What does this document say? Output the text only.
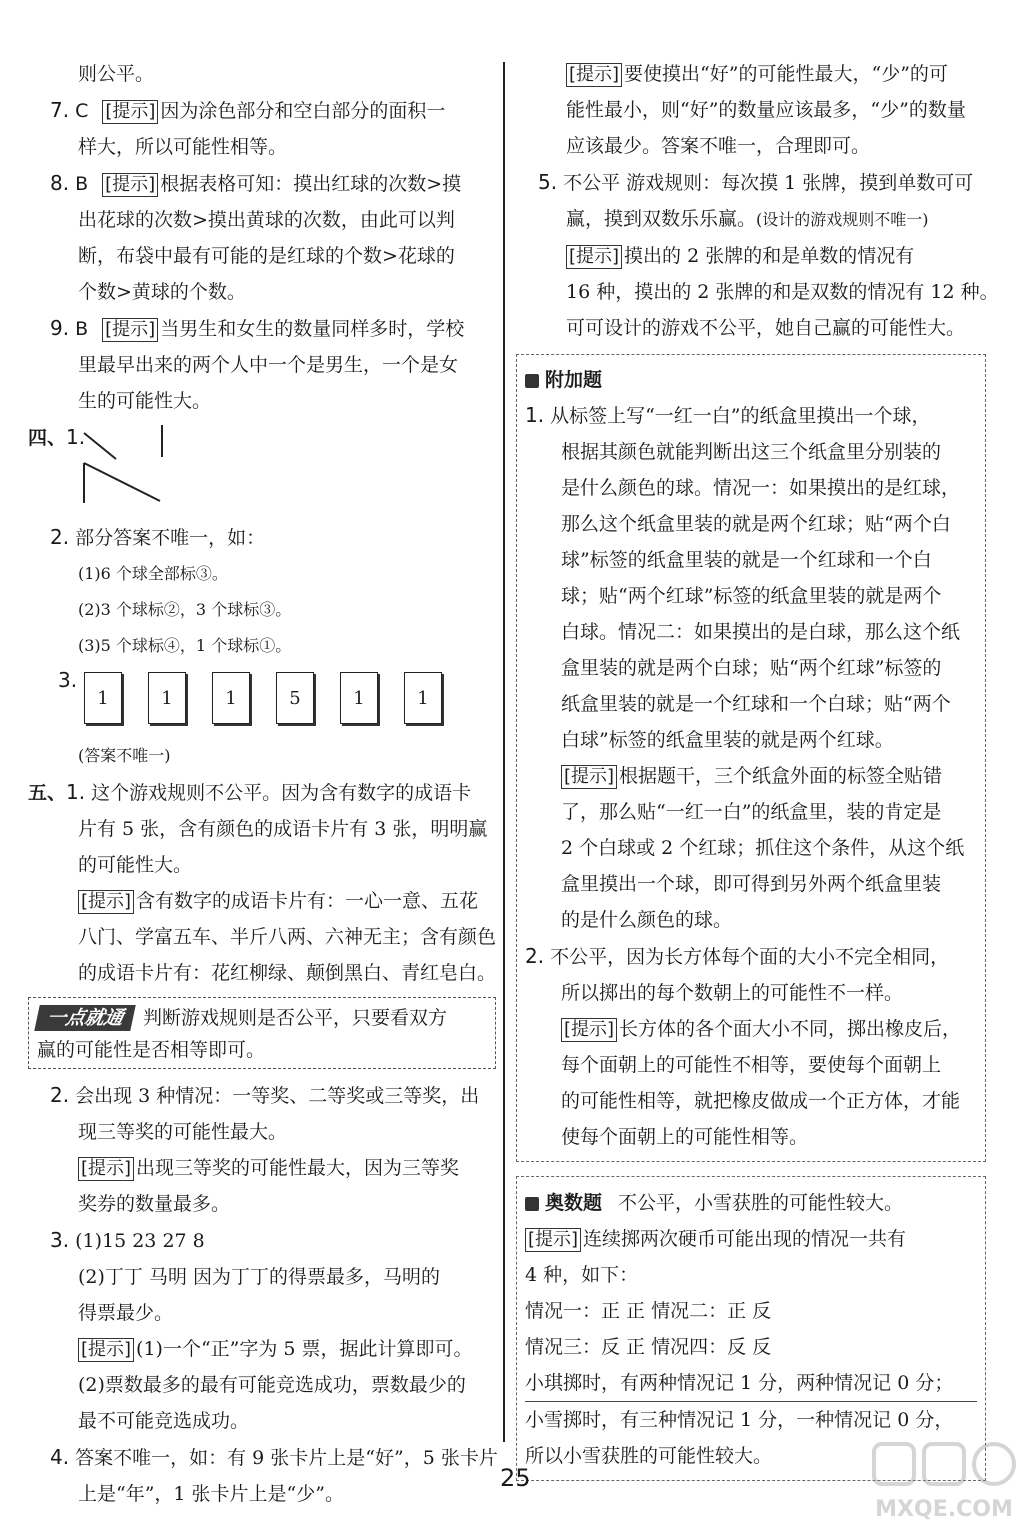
则公平。
7. C [提示] 因为涂色部分和空白部分的面积一
样大，所以可能性相等。
8. B [提示] 根据表格可知：摸出红球的次数>摸
出花球的次数>摸出黄球的次数，由此可以判
断，布袋中最有可能的是红球的个数>花球的
个数>黄球的个数。
9. B [提示] 当男生和女生的数量同样多时，学校
里最早出来的两个人中一个是男生，一个是女
生的可能性大。
四、1.
2. 部分答案不唯一，如：
(1)6 个球全部标③。
(2)3 个球标②，3 个球标③。
(3)5 个球标④，1 个球标①。
3.
1	1	1	5	1	1
(答案不唯一)
五、1. 这个游戏规则不公平。因为含有数字的成语卡
片有 5 张，含有颜色的成语卡片有 3 张，明明赢
的可能性大。
[提示] 含有数字的成语卡片有：一心一意、五花
八门、学富五车、半斤八两、六神无主；含有颜色
的成语卡片有：花红柳绿、颠倒黑白、青红皂白。
一点就通 判断游戏规则是否公平，只要看双方
赢的可能性是否相等即可。
2. 会出现 3 种情况：一等奖、二等奖或三等奖，出
现三等奖的可能性最大。
[提示] 出现三等奖的可能性最大，因为三等奖
奖券的数量最多。
3. (1)15 23 27 8
(2)丁丁 马明 因为丁丁的得票最多，马明的
得票最少。
[提示] (1)一个“正”字为 5 票，据此计算即可。
(2)票数最多的最有可能竞选成功，票数最少的
最不可能竞选成功。
4. 答案不唯一，如：有 9 张卡片上是“好”，5 张卡片
上是“年”，1 张卡片上是“少”。
[提示] 要使摸出“好”的可能性最大，“少”的可
能性最小，则“好”的数量应该最多，“少”的数量
应该最少。答案不唯一，合理即可。
5. 不公平 游戏规则：每次摸 1 张牌，摸到单数可可
赢，摸到双数乐乐赢。(设计的游戏规则不唯一)
[提示] 摸出的 2 张牌的和是单数的情况有
16 种，摸出的 2 张牌的和是双数的情况有 12 种。
可可设计的游戏不公平，她自己赢的可能性大。
附加题
1. 从标签上写“一红一白”的纸盒里摸出一个球，
根据其颜色就能判断出这三个纸盒里分别装的
是什么颜色的球。情况一：如果摸出的是红球，
那么这个纸盒里装的就是两个红球；贴“两个白
球”标签的纸盒里装的就是一个红球和一个白
球；贴“两个红球”标签的纸盒里装的就是两个
白球。情况二：如果摸出的是白球，那么这个纸
盒里装的就是两个白球；贴“两个红球”标签的
纸盒里装的就是一个红球和一个白球；贴“两个
白球”标签的纸盒里装的就是两个红球。
[提示] 根据题干，三个纸盒外面的标签全贴错
了，那么贴“一红一白”的纸盒里，装的肯定是
2 个白球或 2 个红球；抓住这个条件，从这个纸
盒里摸出一个球，即可得到另外两个纸盒里装
的是什么颜色的球。
2. 不公平，因为长方体每个面的大小不完全相同，
所以掷出的每个数朝上的可能性不一样。
[提示] 长方体的各个面大小不同，掷出橡皮后，
每个面朝上的可能性不相等，要使每个面朝上
的可能性相等，就把橡皮做成一个正方体，才能
使每个面朝上的可能性相等。
奥数题 不公平，小雪获胜的可能性较大。
[提示] 连续掷两次硬币可能出现的情况一共有
4 种，如下：
情况一：正 正 情况二：正 反
情况三：反 正 情况四：反 反
小琪掷时，有两种情况记 1 分，两种情况记 0 分；
小雪掷时，有三种情况记 1 分，一种情况记 0 分，
所以小雪获胜的可能性较大。
25
MXQE.COM
